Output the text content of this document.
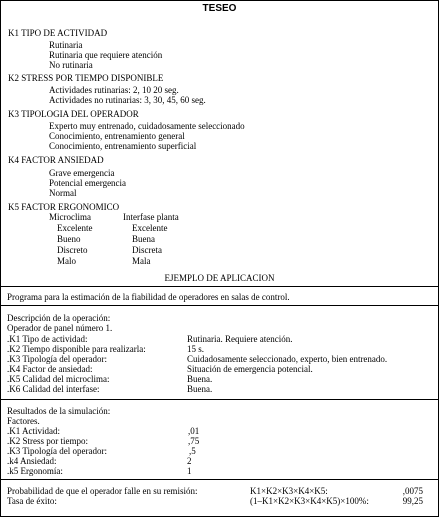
TESEO
K1 TIPO DE ACTIVIDAD
Rutinaria
Rutinaria que requiere atención
No rutinaria
K2 STRESS POR TIEMPO DISPONIBLE
Actividades rutinarias: 2, 10 20 seg.
Actividades no rutinarias: 3, 30, 45, 60 seg.
K3 TIPOLOGIA DEL OPERADOR
Experto muy entrenado, cuidadosamente seleccionado
Conocimiento, entrenamiento general
Conocimiento, entrenamiento superficial
K4 FACTOR ANSIEDAD
Grave emergencia
Potencial emergencia
Normal
K5 FACTOR ERGONOMICO
Microclima	Interfase planta
Excelente	Excelente
Bueno	Buena
Discreto	Discreta
Malo	Mala
EJEMPLO DE APLICACION
Programa para la estimación de la fiabilidad de operadores en salas de control.
Descripción de la operación:
Operador de panel número 1.
.K1 Tipo de actividad:	Rutinaria. Requiere atención.
.K2 Tiempo disponible para realizarla:	15 s.
.K3 Tipología del operador:	Cuidadosamente seleccionado, experto, bien entrenado.
.K4 Factor de ansiedad:	Situación de emergencia potencial.
.K5 Calidad del microclima:	Buena.
.K6 Calidad del interfase:	Buena.
Resultados de la simulación:
Factores.
.K1 Actividad:	,01
.K2 Stress por tiempo:	,75
.K3 Tipología del operador:	,5
.k4 Ansiedad:	2
.k5 Ergonomía:	1
Probabilidad de que el operador falle en su remisión:	K1×K2×K3×K4×K5:	,0075
Tasa de éxito:	(1–K1×K2×K3×K4×K5)×100%:	99,25
